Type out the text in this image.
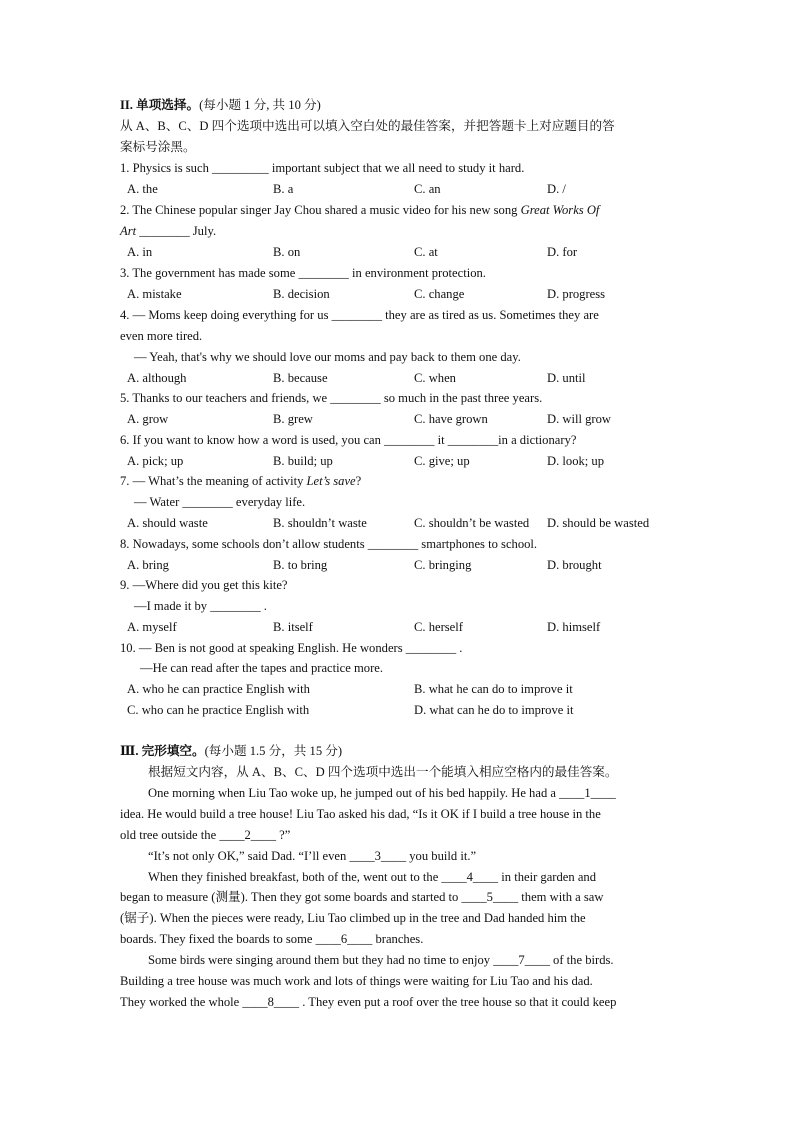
II. 单项选择。(每小题 1 分, 共 10 分)
从 A、B、C、D 四个选项中选出可以填入空白处的最佳答案，并把答题卡上对应题目的答
案标号涂黑。
1. Physics is such _________ important subject that we all need to study it hard.
A. the	B. a	C. an	D. /
2. The Chinese popular singer Jay Chou shared a music video for his new song Great Works Of
Art ________ July.
A. in	B. on	C. at	D. for
3. The government has made some ________ in environment protection.
A. mistake	B. decision	C. change	D. progress
4. — Moms keep doing everything for us ________ they are as tired as us. Sometimes they are
even more tired.
— Yeah, that's why we should love our moms and pay back to them one day.
A. although	B. because	C. when	D. until
5. Thanks to our teachers and friends, we ________ so much in the past three years.
A. grow	B. grew	C. have grown	D. will grow
6. If you want to know how a word is used, you can ________ it ________in a dictionary?
A. pick; up	B. build; up	C. give; up	D. look; up
7. — What’s the meaning of activity Let’s save?
— Water ________ everyday life.
A. should waste	B. shouldn’t waste	C. shouldn’t be wasted D. should be wasted
8. Nowadays, some schools don’t allow students ________ smartphones to school.
A. bring	B. to bring	C. bringing	D. brought
9. —Where did you get this kite?
—I made it by ________ .
A. myself	B. itself	C. herself	D. himself
10. — Ben is not good at speaking English. He wonders ________ .
—He can read after the tapes and practice more.
A. who he can practice English with	B. what he can do to improve it
C. who can he practice English with	D. what can he do to improve it
Ⅲ. 完形填空。(每小题 1.5 分，共 15 分)
根据短文内容，从 A、B、C、D 四个选项中选出一个能填入相应空格内的最佳答案。
One morning when Liu Tao woke up, he jumped out of his bed happily. He had a ____1____
idea. He would build a tree house! Liu Tao asked his dad, “Is it OK if I build a tree house in the
old tree outside the ____2____ ?”
“It’s not only OK,” said Dad. “I’ll even ____3____ you build it.”
When they finished breakfast, both of the, went out to the ____4____ in their garden and
began to measure (测量). Then they got some boards and started to ____5____ them with a saw
(锯子). When the pieces were ready, Liu Tao climbed up in the tree and Dad handed him the
boards. They fixed the boards to some ____6____ branches.
Some birds were singing around them but they had no time to enjoy ____7____ of the birds.
Building a tree house was much work and lots of things were waiting for Liu Tao and his dad.
They worked the whole ____8____ . They even put a roof over the tree house so that it could keep
